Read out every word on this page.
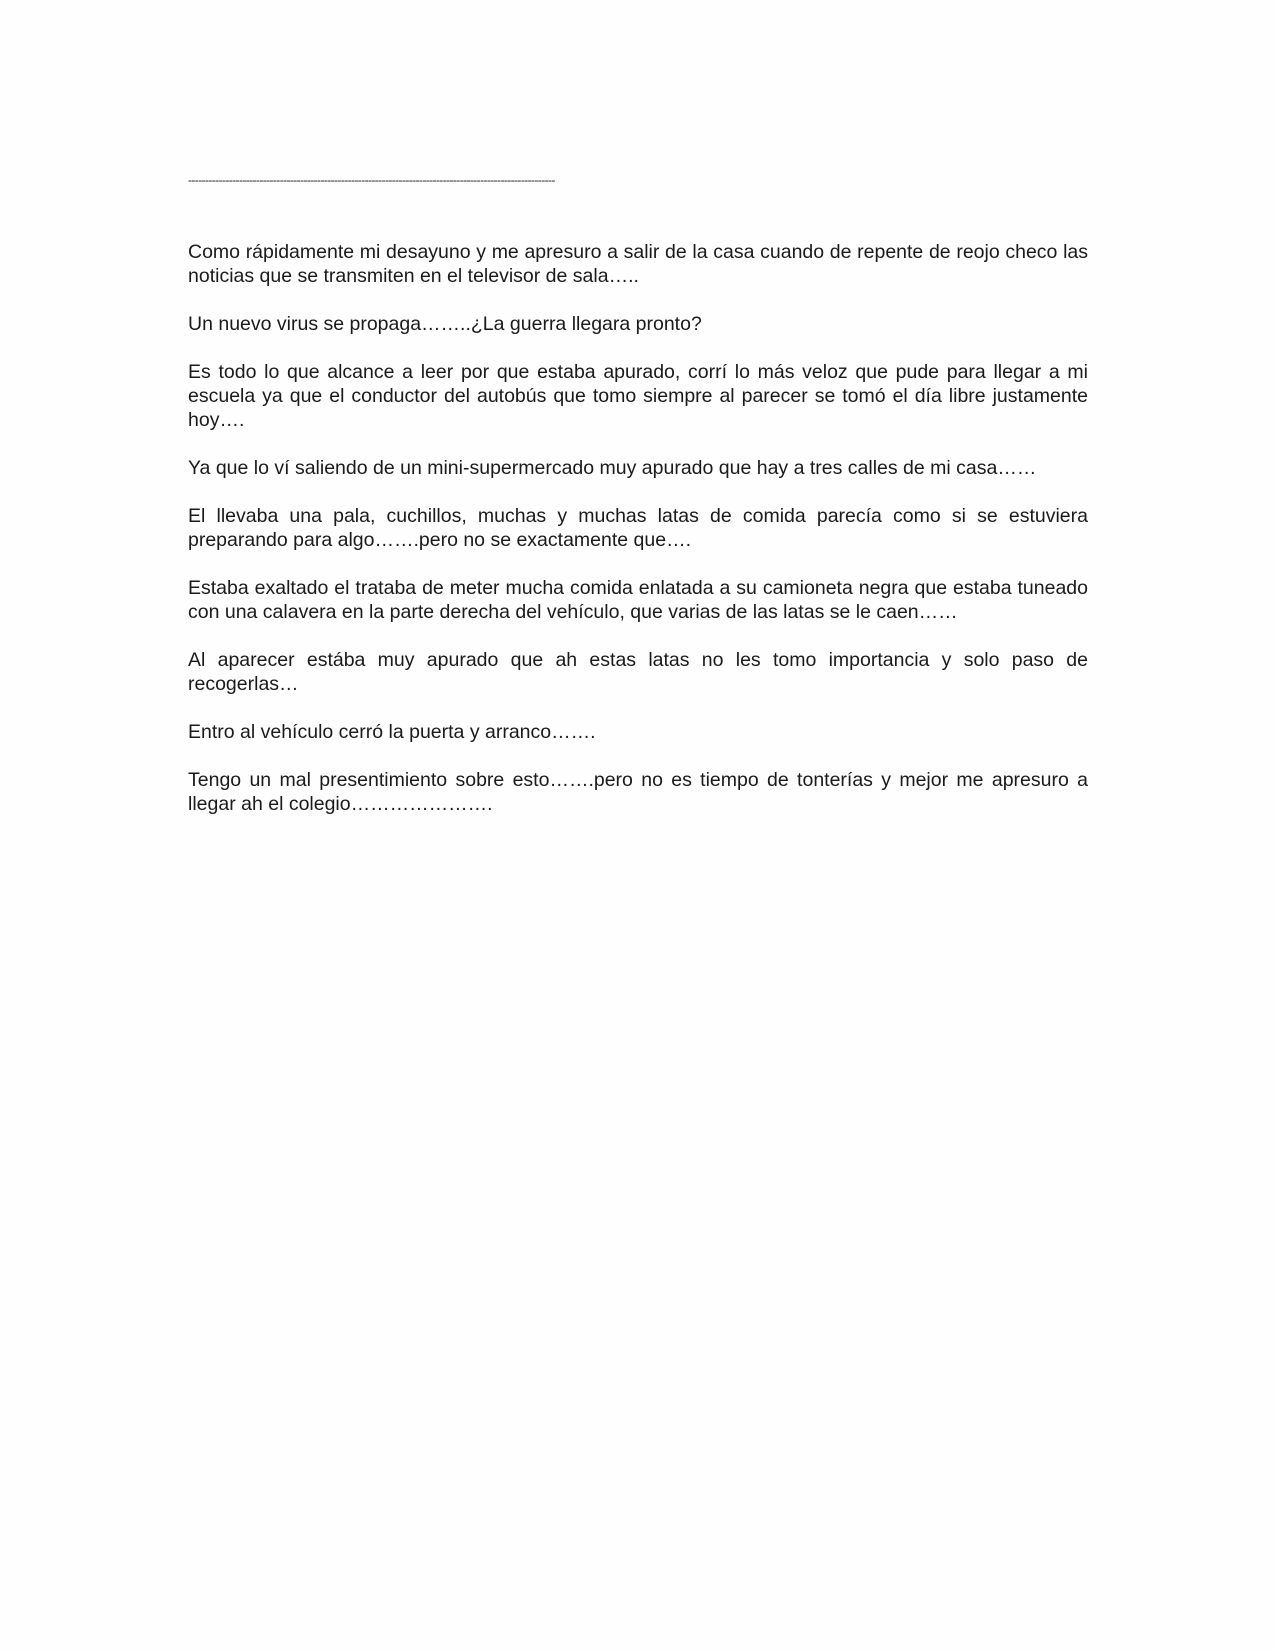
------------------------------------------------------------------------------------------------------------

Como rápidamente mi desayuno y me apresuro a salir de la casa cuando de repente de reojo checo las noticias que se transmiten en el televisor de sala…..

Un nuevo virus se propaga……..¿La guerra llegara pronto?

Es todo lo que alcance a leer por que estaba apurado, corrí lo más veloz que pude para llegar a mi escuela ya que el conductor del autobús que tomo siempre al parecer se tomó el día libre justamente hoy….

Ya que lo ví saliendo de un mini-supermercado muy apurado que hay a tres calles de mi casa……

El llevaba una pala, cuchillos, muchas y muchas latas de comida parecía como si se estuviera preparando para algo…….pero no se exactamente que….

Estaba exaltado el trataba de meter mucha comida enlatada a su camioneta negra que estaba tuneado con una calavera en la parte derecha del vehículo, que varias de las latas se le caen……

Al aparecer estába muy apurado que ah estas latas no les tomo importancia y solo paso de recogerlas…

Entro al vehículo cerró la puerta y arranco…….

Tengo un mal presentimiento sobre esto…….pero no es tiempo de tonterías y mejor me apresuro a llegar ah el colegio………………….
